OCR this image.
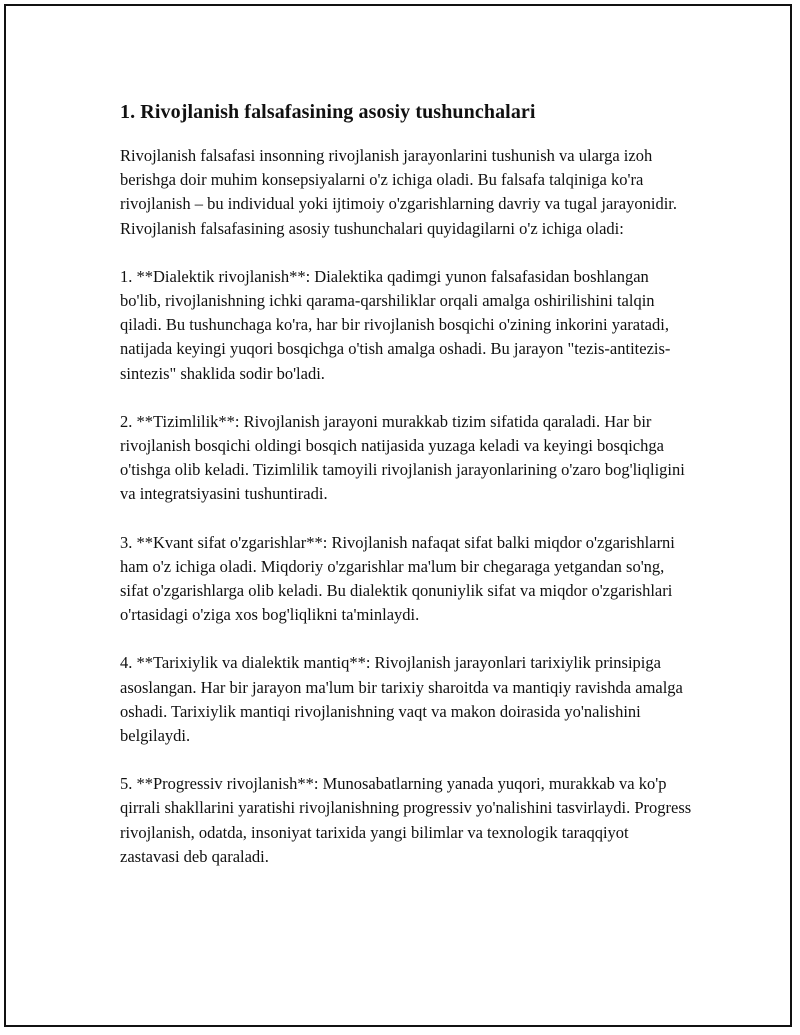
1. Rivojlanish falsafasining asosiy tushunchalari

Rivojlanish falsafasi insonning rivojlanish jarayonlarini tushunish va ularga izoh berishga doir muhim konsepsiyalarni o'z ichiga oladi. Bu falsafa talqiniga ko'ra rivojlanish – bu individual yoki ijtimoiy o'zgarishlarning davriy va tugal jarayonidir. Rivojlanish falsafasining asosiy tushunchalari quyidagilarni o'z ichiga oladi:

1. **Dialektik rivojlanish**: Dialektika qadimgi yunon falsafasidan boshlangan bo'lib, rivojlanishning ichki qarama-qarshiliklar orqali amalga oshirilishini talqin qiladi. Bu tushunchaga ko'ra, har bir rivojlanish bosqichi o'zining inkorini yaratadi, natijada keyingi yuqori bosqichga o'tish amalga oshadi. Bu jarayon "tezis-antitezis-sintezis" shaklida sodir bo'ladi.

2. **Tizimlilik**: Rivojlanish jarayoni murakkab tizim sifatida qaraladi. Har bir rivojlanish bosqichi oldingi bosqich natijasida yuzaga keladi va keyingi bosqichga o'tishga olib keladi. Tizimlilik tamoyili rivojlanish jarayonlarining o'zaro bog'liqligini va integratsiyasini tushuntiradi.

3. **Kvant sifat o'zgarishlar**: Rivojlanish nafaqat sifat balki miqdor o'zgarishlarni ham o'z ichiga oladi. Miqdoriy o'zgarishlar ma'lum bir chegaraga yetgandan so'ng, sifat o'zgarishlarga olib keladi. Bu dialektik qonuniylik sifat va miqdor o'zgarishlari o'rtasidagi o'ziga xos bog'liqlikni ta'minlaydi.

4. **Tarixiylik va dialektik mantiq**: Rivojlanish jarayonlari tarixiylik prinsipiga asoslangan. Har bir jarayon ma'lum bir tarixiy sharoitda va mantiqiy ravishda amalga oshadi. Tarixiylik mantiqi rivojlanishning vaqt va makon doirasida yo'nalishini belgilaydi.

5. **Progressiv rivojlanish**: Munosabatlarning yanada yuqori, murakkab va ko'p qirrali shakllarini yaratishi rivojlanishning progressiv yo'nalishini tasvirlaydi. Progress rivojlanish, odatda, insoniyat tarixida yangi bilimlar va texnologik taraqqiyot zastavasi deb qaraladi.
